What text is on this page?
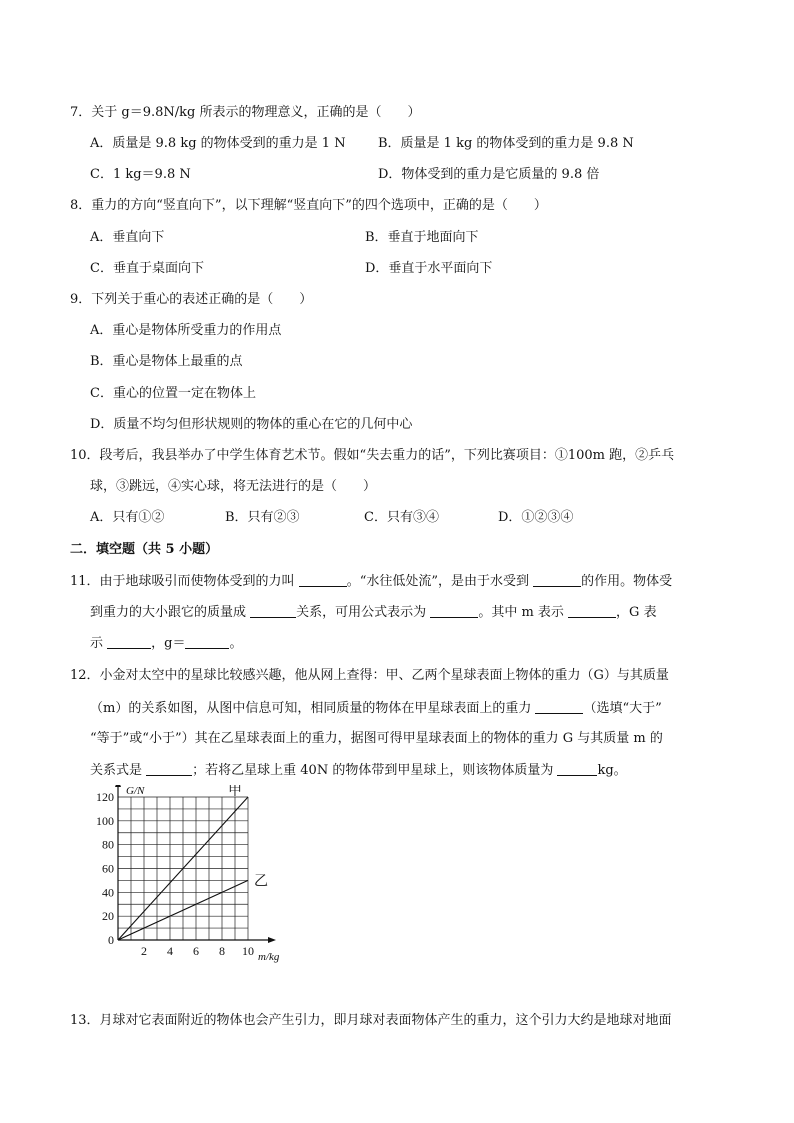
7．关于 g＝9.8N/kg 所表示的物理意义，正确的是（　　）
A．质量是 9.8 kg 的物体受到的重力是 1 N B．质量是 1 kg 的物体受到的重力是 9.8 N
C．1 kg＝9.8 N	D．物体受到的重力是它质量的 9.8 倍
8．重力的方向“竖直向下”，以下理解“竖直向下”的四个选项中，正确的是（　　）
A．垂直向下	B．垂直于地面向下
C．垂直于桌面向下	D．垂直于水平面向下
9．下列关于重心的表述正确的是（　　）
A．重心是物体所受重力的作用点
B．重心是物体上最重的点
C．重心的位置一定在物体上
D．质量不均匀但形状规则的物体的重心在它的几何中心
10．段考后，我县举办了中学生体育艺术节。假如“失去重力的话”，下列比赛项目：①100m 跑，②乒乓
球，③跳远，④实心球，将无法进行的是（　　）
A．只有①②	B．只有②③	C．只有③④	D．①②③④
二．填空题（共 5 小题）
11．由于地球吸引而使物体受到的力叫	。“水往低处流”，是由于水受到	的作用。物体受
到重力的大小跟它的质量成	关系，可用公式表示为	。其中 m 表示	，G 表
示	，g＝	。
12．小金对太空中的星球比较感兴趣，他从网上查得：甲、乙两个星球表面上物体的重力（G）与其质量
（m）的关系如图，从图中信息可知，相同质量的物体在甲星球表面上的重力	（选填“大于”
“等于”或“小于”）其在乙星球表面上的重力，据图可得甲星球表面上的物体的重力 G 与其质量 m 的
关系式是	；若将乙星球上重 40N 的物体带到甲星球上，则该物体质量为	kg。
甲
乙
0
20
40
60
80
100
120
2 4 6 8 10
G/N
m/kg
13．月球对它表面附近的物体也会产生引力，即月球对表面物体产生的重力，这个引力大约是地球对地面
